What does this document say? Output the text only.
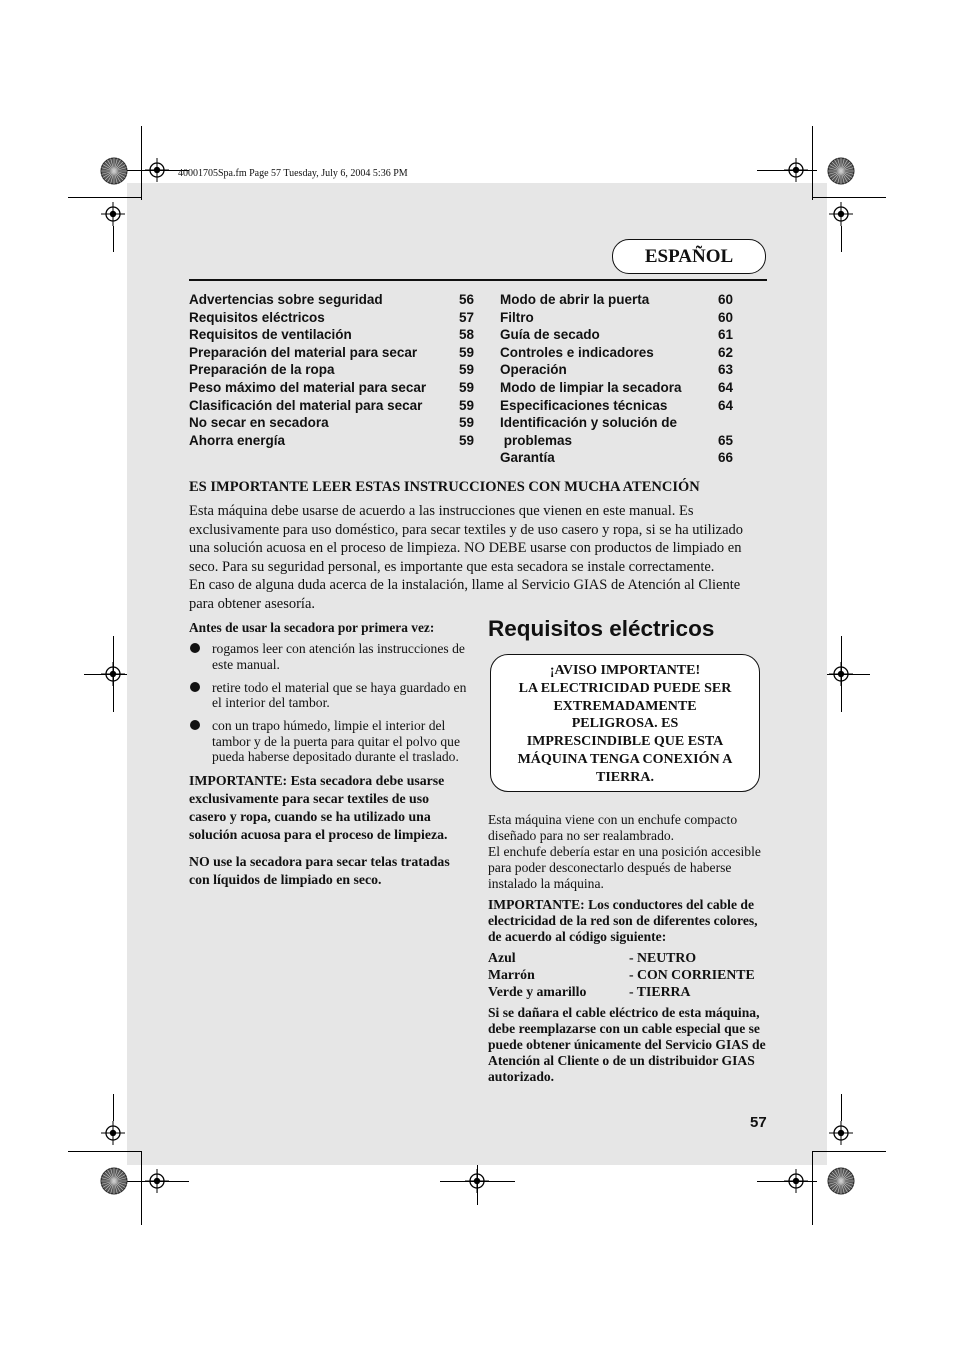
40001705Spa.fm Page 57 Tuesday, July 6, 2004 5:36 PM
ESPAÑOL
Advertencias sobre seguridad	56
Requisitos eléctricos	57
Requisitos de ventilación	58
Preparación del material para secar	59
Preparación de la ropa	59
Peso máximo del material para secar 59
Clasificación del material para secar	59
No secar en secadora	59
Ahorra energía	59
Modo de abrir la puerta	60
Filtro	60
Guía de secado	61
Controles e indicadores	62
Operación	63
Modo de limpiar la secadora	64
Especificaciones técnicas	64
Identificación y solución de
problemas	65
Garantía	66
ES IMPORTANTE LEER ESTAS INSTRUCCIONES CON MUCHA ATENCIÓN

Esta máquina debe usarse de acuerdo a las instrucciones que vienen en este manual. Es exclusivamente para uso doméstico, para secar textiles y de uso casero y ropa, si se ha utilizado una solución acuosa en el proceso de limpieza. NO DEBE usarse con productos de limpiado en seco. Para su seguridad personal, es importante que esta secadora se instale correctamente.

En caso de alguna duda acerca de la instalación, llame al Servicio GIAS de Atención al Cliente para obtener asesoría.

Antes de usar la secadora por primera vez:
rogamos leer con atención las instrucciones de este manual.
retire todo el material que se haya guardado en el interior del tambor.
con un trapo húmedo, limpie el interior del tambor y de la puerta para quitar el polvo que pueda haberse depositado durante el traslado.

IMPORTANTE: Esta secadora debe usarse exclusivamente para secar textiles de uso casero y ropa, cuando se ha utilizado una solución acuosa para el proceso de limpieza.

NO use la secadora para secar telas tratadas con líquidos de limpiado en seco.

Requisitos eléctricos
¡AVISO IMPORTANTE!
LA ELECTRICIDAD PUEDE SER
EXTREMADAMENTE
PELIGROSA. ES
IMPRESCINDIBLE QUE ESTA
MÁQUINA TENGA CONEXIÓN A
TIERRA.

Esta máquina viene con un enchufe compacto diseñado para no ser realambrado.

El enchufe debería estar en una posición accesible para poder desconectarlo después de haberse instalado la máquina.

IMPORTANTE: Los conductores del cable de electricidad de la red son de diferentes colores, de acuerdo al código siguiente:
Azul	- NEUTRO
Marrón	- CON CORRIENTE
Verde y amarillo	- TIERRA
Si se dañara el cable eléctrico de esta máquina, debe reemplazarse con un cable especial que se puede obtener únicamente del Servicio GIAS de Atención al Cliente o de un distribuidor GIAS autorizado.
57
